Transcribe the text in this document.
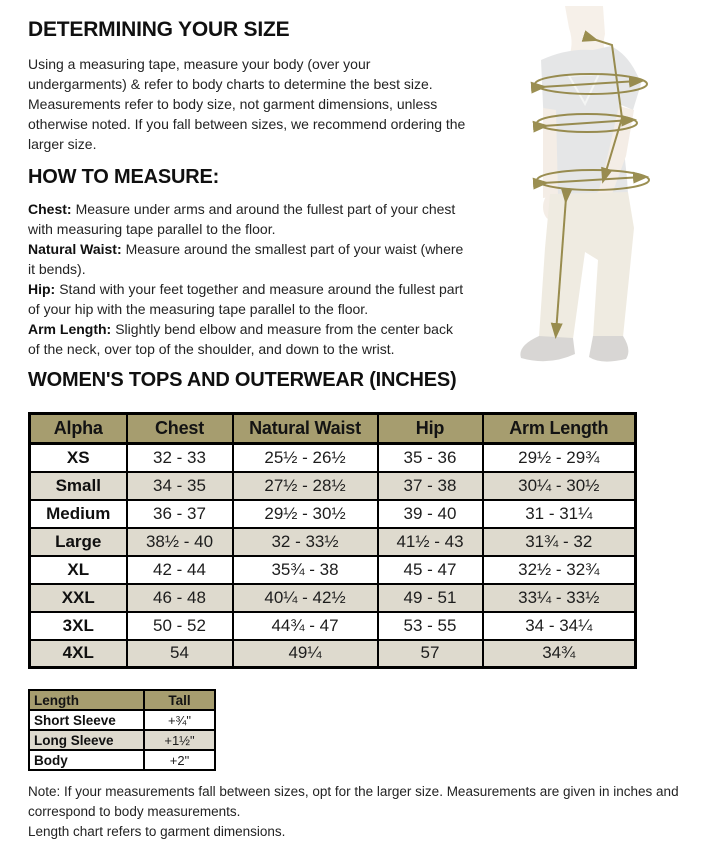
DETERMINING YOUR SIZE

Using a measuring tape, measure your body (over your undergarments) & refer to body charts to determine the best size. Measurements refer to body size, not garment dimensions, unless otherwise noted. If you fall between sizes, we recommend ordering the larger size.

HOW TO MEASURE:

Chest: Measure under arms and around the fullest part of your chest with measuring tape parallel to the floor.

Natural Waist: Measure around the smallest part of your waist (where it bends).

Hip: Stand with your feet together and measure around the fullest part of your hip with the measuring tape parallel to the floor.

Arm Length: Slightly bend elbow and measure from the center back of the neck, over top of the shoulder, and down to the wrist.

WOMEN'S TOPS AND OUTERWEAR (INCHES)
Alpha	Chest	Natural Waist	Hip	Arm Length
XS	32 - 33	25½ - 26½	35 - 36	29½ - 29¾
Small	34 - 35	27½ - 28½	37 - 38	30¼ - 30½
Medium	36 - 37	29½ - 30½	39 - 40	31 - 31¼
Large	38½ - 40	32 - 33½	41½ - 43	31¾ - 32
XL	42 - 44	35¾ - 38	45 - 47	32½ - 32¾
XXL	46 - 48	40¼ - 42½	49 - 51	33¼ - 33½
3XL	50 - 52	44¾ - 47	53 - 55	34 - 34¼
4XL	54	49¼	57	34¾
Length	Tall
Short Sleeve	+¾"
Long Sleeve	+1½"
Body	+2"

Note: If your measurements fall between sizes, opt for the larger size. Measurements are given in inches and correspond to body measurements.

Length chart refers to garment dimensions.
